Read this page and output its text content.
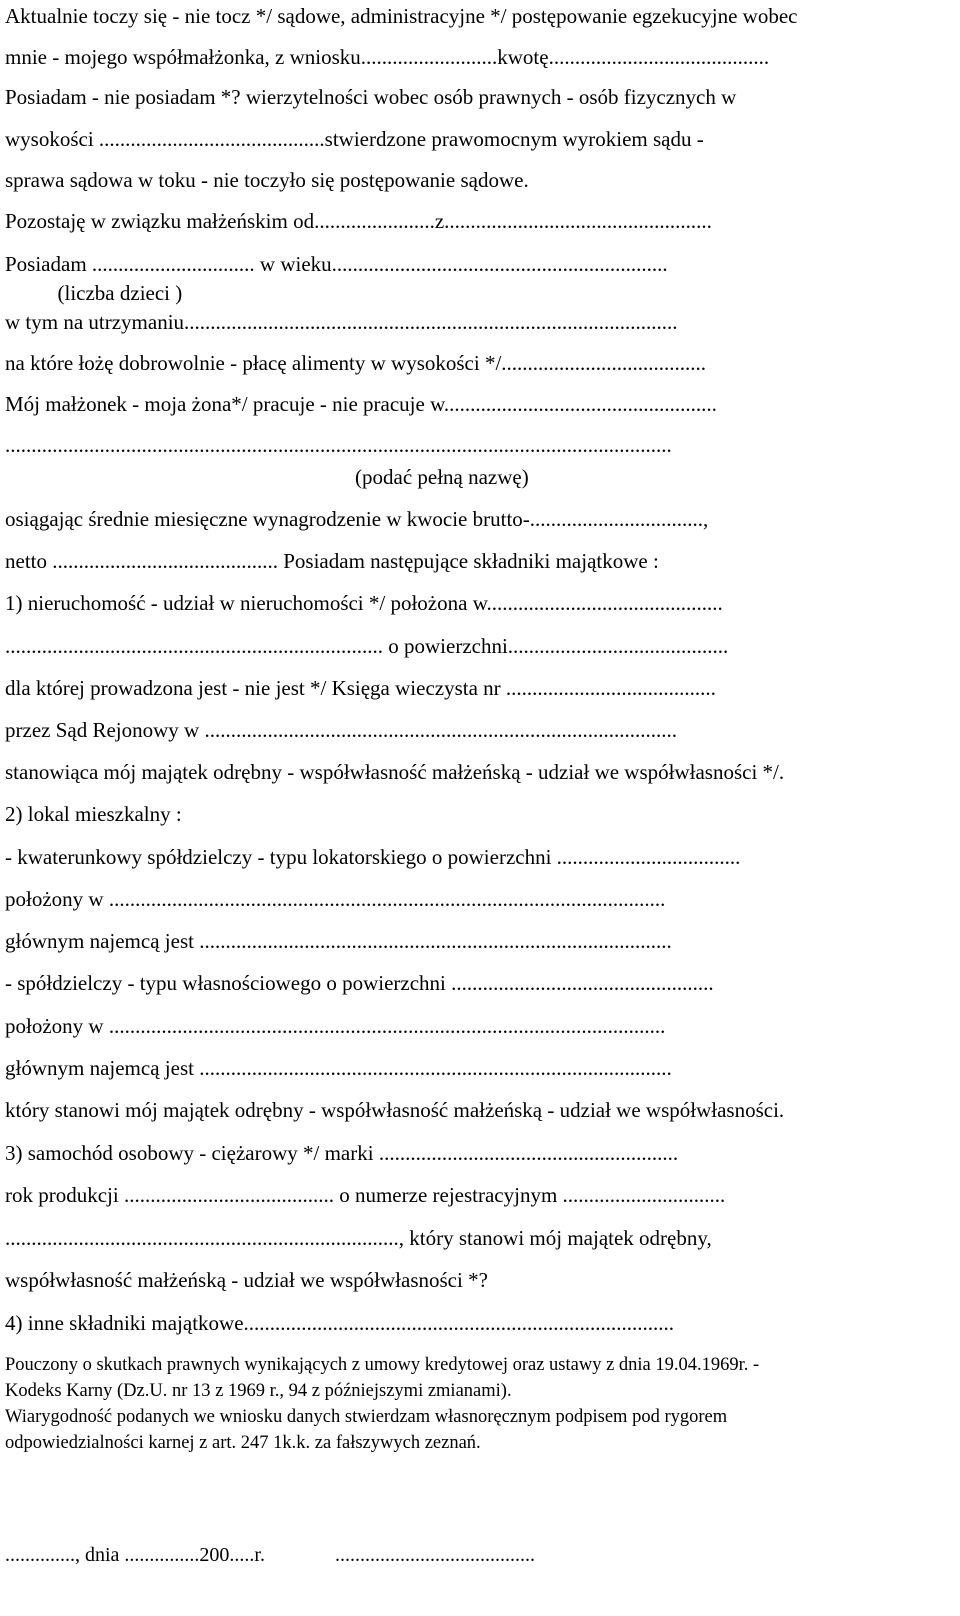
Aktualnie toczy się - nie tocz */ sądowe, administracyjne */ postępowanie egzekucyjne wobec
mnie - mojego współmałżonka, z wniosku..........................kwotę..........................................
Posiadam - nie posiadam *? wierzytelności wobec osób prawnych - osób fizycznych w
wysokości ...........................................stwierdzone prawomocnym wyrokiem sądu -
sprawa sądowa w toku - nie toczyło się postępowanie sądowe.
Pozostaję w związku małżeńskim od.......................z...................................................
Posiadam ............................... w wieku................................................................
(liczba dzieci )
w tym na utrzymaniu..............................................................................................
na które łożę dobrowolnie - płacę alimenty w wysokości */.......................................
Mój małżonek - moja żona*/ pracuje - nie pracuje w....................................................
...............................................................................................................................
(podać pełną nazwę)
osiągając średnie miesięczne wynagrodzenie w kwocie brutto-.................................,
netto ........................................... Posiadam następujące składniki majątkowe :
1) nieruchomość - udział w nieruchomości */ położona w.............................................
........................................................................ o powierzchni..........................................
dla której prowadzona jest - nie jest */ Księga wieczysta nr ........................................
przez Sąd Rejonowy w ..........................................................................................
stanowiąca mój majątek odrębny - współwłasność małżeńską - udział we współwłasności */.
2) lokal mieszkalny :
- kwaterunkowy spółdzielczy - typu lokatorskiego o powierzchni ...................................
położony w ..........................................................................................................
głównym najemcą jest ..........................................................................................
- spółdzielczy - typu własnościowego o powierzchni ..................................................
położony w ..........................................................................................................
głównym najemcą jest ..........................................................................................
który stanowi mój majątek odrębny - współwłasność małżeńską - udział we współwłasności.
3) samochód osobowy - ciężarowy */ marki .........................................................
rok produkcji ........................................ o numerze rejestracyjnym ...............................
..........................................................................., który stanowi mój majątek odrębny,
współwłasność małżeńską - udział we współwłasności *?
4) inne składniki majątkowe..................................................................................
Pouczony o skutkach prawnych wynikających z umowy kredytowej oraz ustawy z dnia 19.04.1969r. -
Kodeks Karny (Dz.U. nr 13 z 1969 r., 94 z późniejszymi zmianami).
Wiarygodność podanych we wniosku danych stwierdzam własnoręcznym podpisem pod rygorem
odpowiedzialności karnej z art. 247 1k.k. za fałszywych zeznań.
.............., dnia ...............200.....r.              ........................................
